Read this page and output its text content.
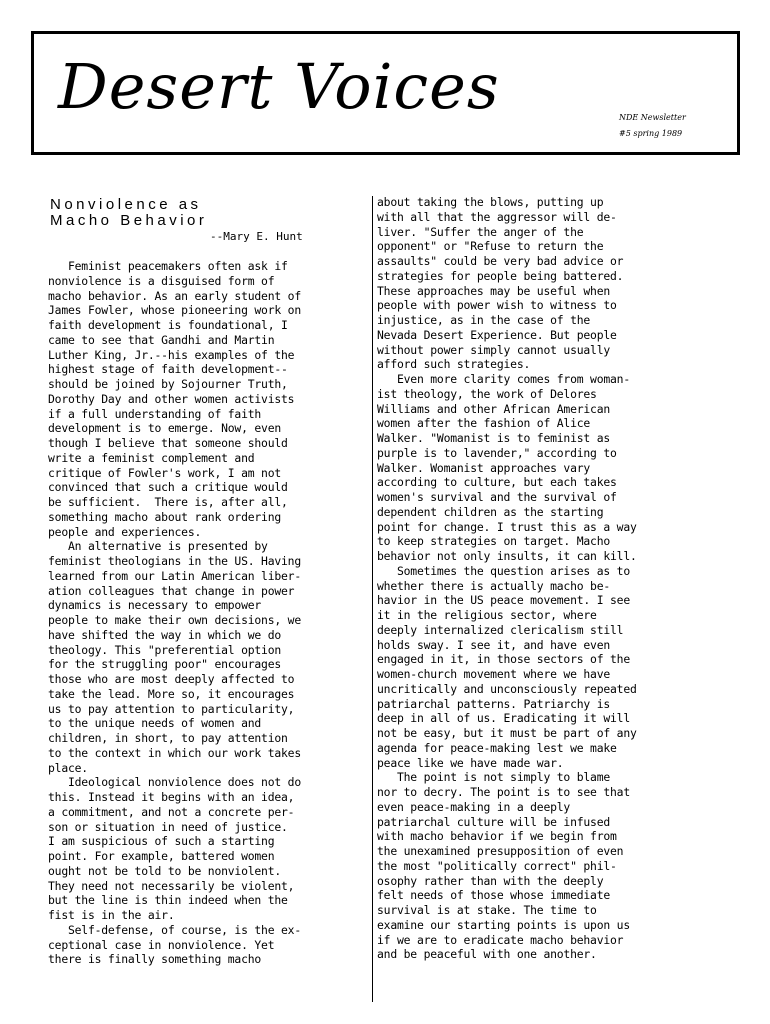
Desert Voices	NDE Newsletter
#5 spring 1989
Nonviolence as
Macho Behavior
--Mary E. Hunt
Feminist peacemakers often ask if
nonviolence is a disguised form of
macho behavior. As an early student of
James Fowler, whose pioneering work on
faith development is foundational, I
came to see that Gandhi and Martin
Luther King, Jr.--his examples of the
highest stage of faith development--
should be joined by Sojourner Truth,
Dorothy Day and other women activists
if a full understanding of faith
development is to emerge. Now, even
though I believe that someone should
write a feminist complement and
critique of Fowler's work, I am not
convinced that such a critique would
be sufficient.  There is, after all,
something macho about rank ordering
people and experiences.
An alternative is presented by
feminist theologians in the US. Having
learned from our Latin American liber-
ation colleagues that change in power
dynamics is necessary to empower
people to make their own decisions, we
have shifted the way in which we do
theology. This "preferential option
for the struggling poor" encourages
those who are most deeply affected to
take the lead. More so, it encourages
us to pay attention to particularity,
to the unique needs of women and
children, in short, to pay attention
to the context in which our work takes
place.
Ideological nonviolence does not do
this. Instead it begins with an idea,
a commitment, and not a concrete per-
son or situation in need of justice.
I am suspicious of such a starting
point. For example, battered women
ought not be told to be nonviolent.
They need not necessarily be violent,
but the line is thin indeed when the
fist is in the air.
Self-defense, of course, is the ex-
ceptional case in nonviolence. Yet
there is finally something macho
about taking the blows, putting up
with all that the aggressor will de-
liver. "Suffer the anger of the
opponent" or "Refuse to return the
assaults" could be very bad advice or
strategies for people being battered.
These approaches may be useful when
people with power wish to witness to
injustice, as in the case of the
Nevada Desert Experience. But people
without power simply cannot usually
afford such strategies.
Even more clarity comes from woman-
ist theology, the work of Delores
Williams and other African American
women after the fashion of Alice
Walker. "Womanist is to feminist as
purple is to lavender," according to
Walker. Womanist approaches vary
according to culture, but each takes
women's survival and the survival of
dependent children as the starting
point for change. I trust this as a way
to keep strategies on target. Macho
behavior not only insults, it can kill.
Sometimes the question arises as to
whether there is actually macho be-
havior in the US peace movement. I see
it in the religious sector, where
deeply internalized clericalism still
holds sway. I see it, and have even
engaged in it, in those sectors of the
women-church movement where we have
uncritically and unconsciously repeated
patriarchal patterns. Patriarchy is
deep in all of us. Eradicating it will
not be easy, but it must be part of any
agenda for peace-making lest we make
peace like we have made war.
The point is not simply to blame
nor to decry. The point is to see that
even peace-making in a deeply
patriarchal culture will be infused
with macho behavior if we begin from
the unexamined presupposition of even
the most "politically correct" phil-
osophy rather than with the deeply
felt needs of those whose immediate
survival is at stake. The time to
examine our starting points is upon us
if we are to eradicate macho behavior
and be peaceful with one another.
